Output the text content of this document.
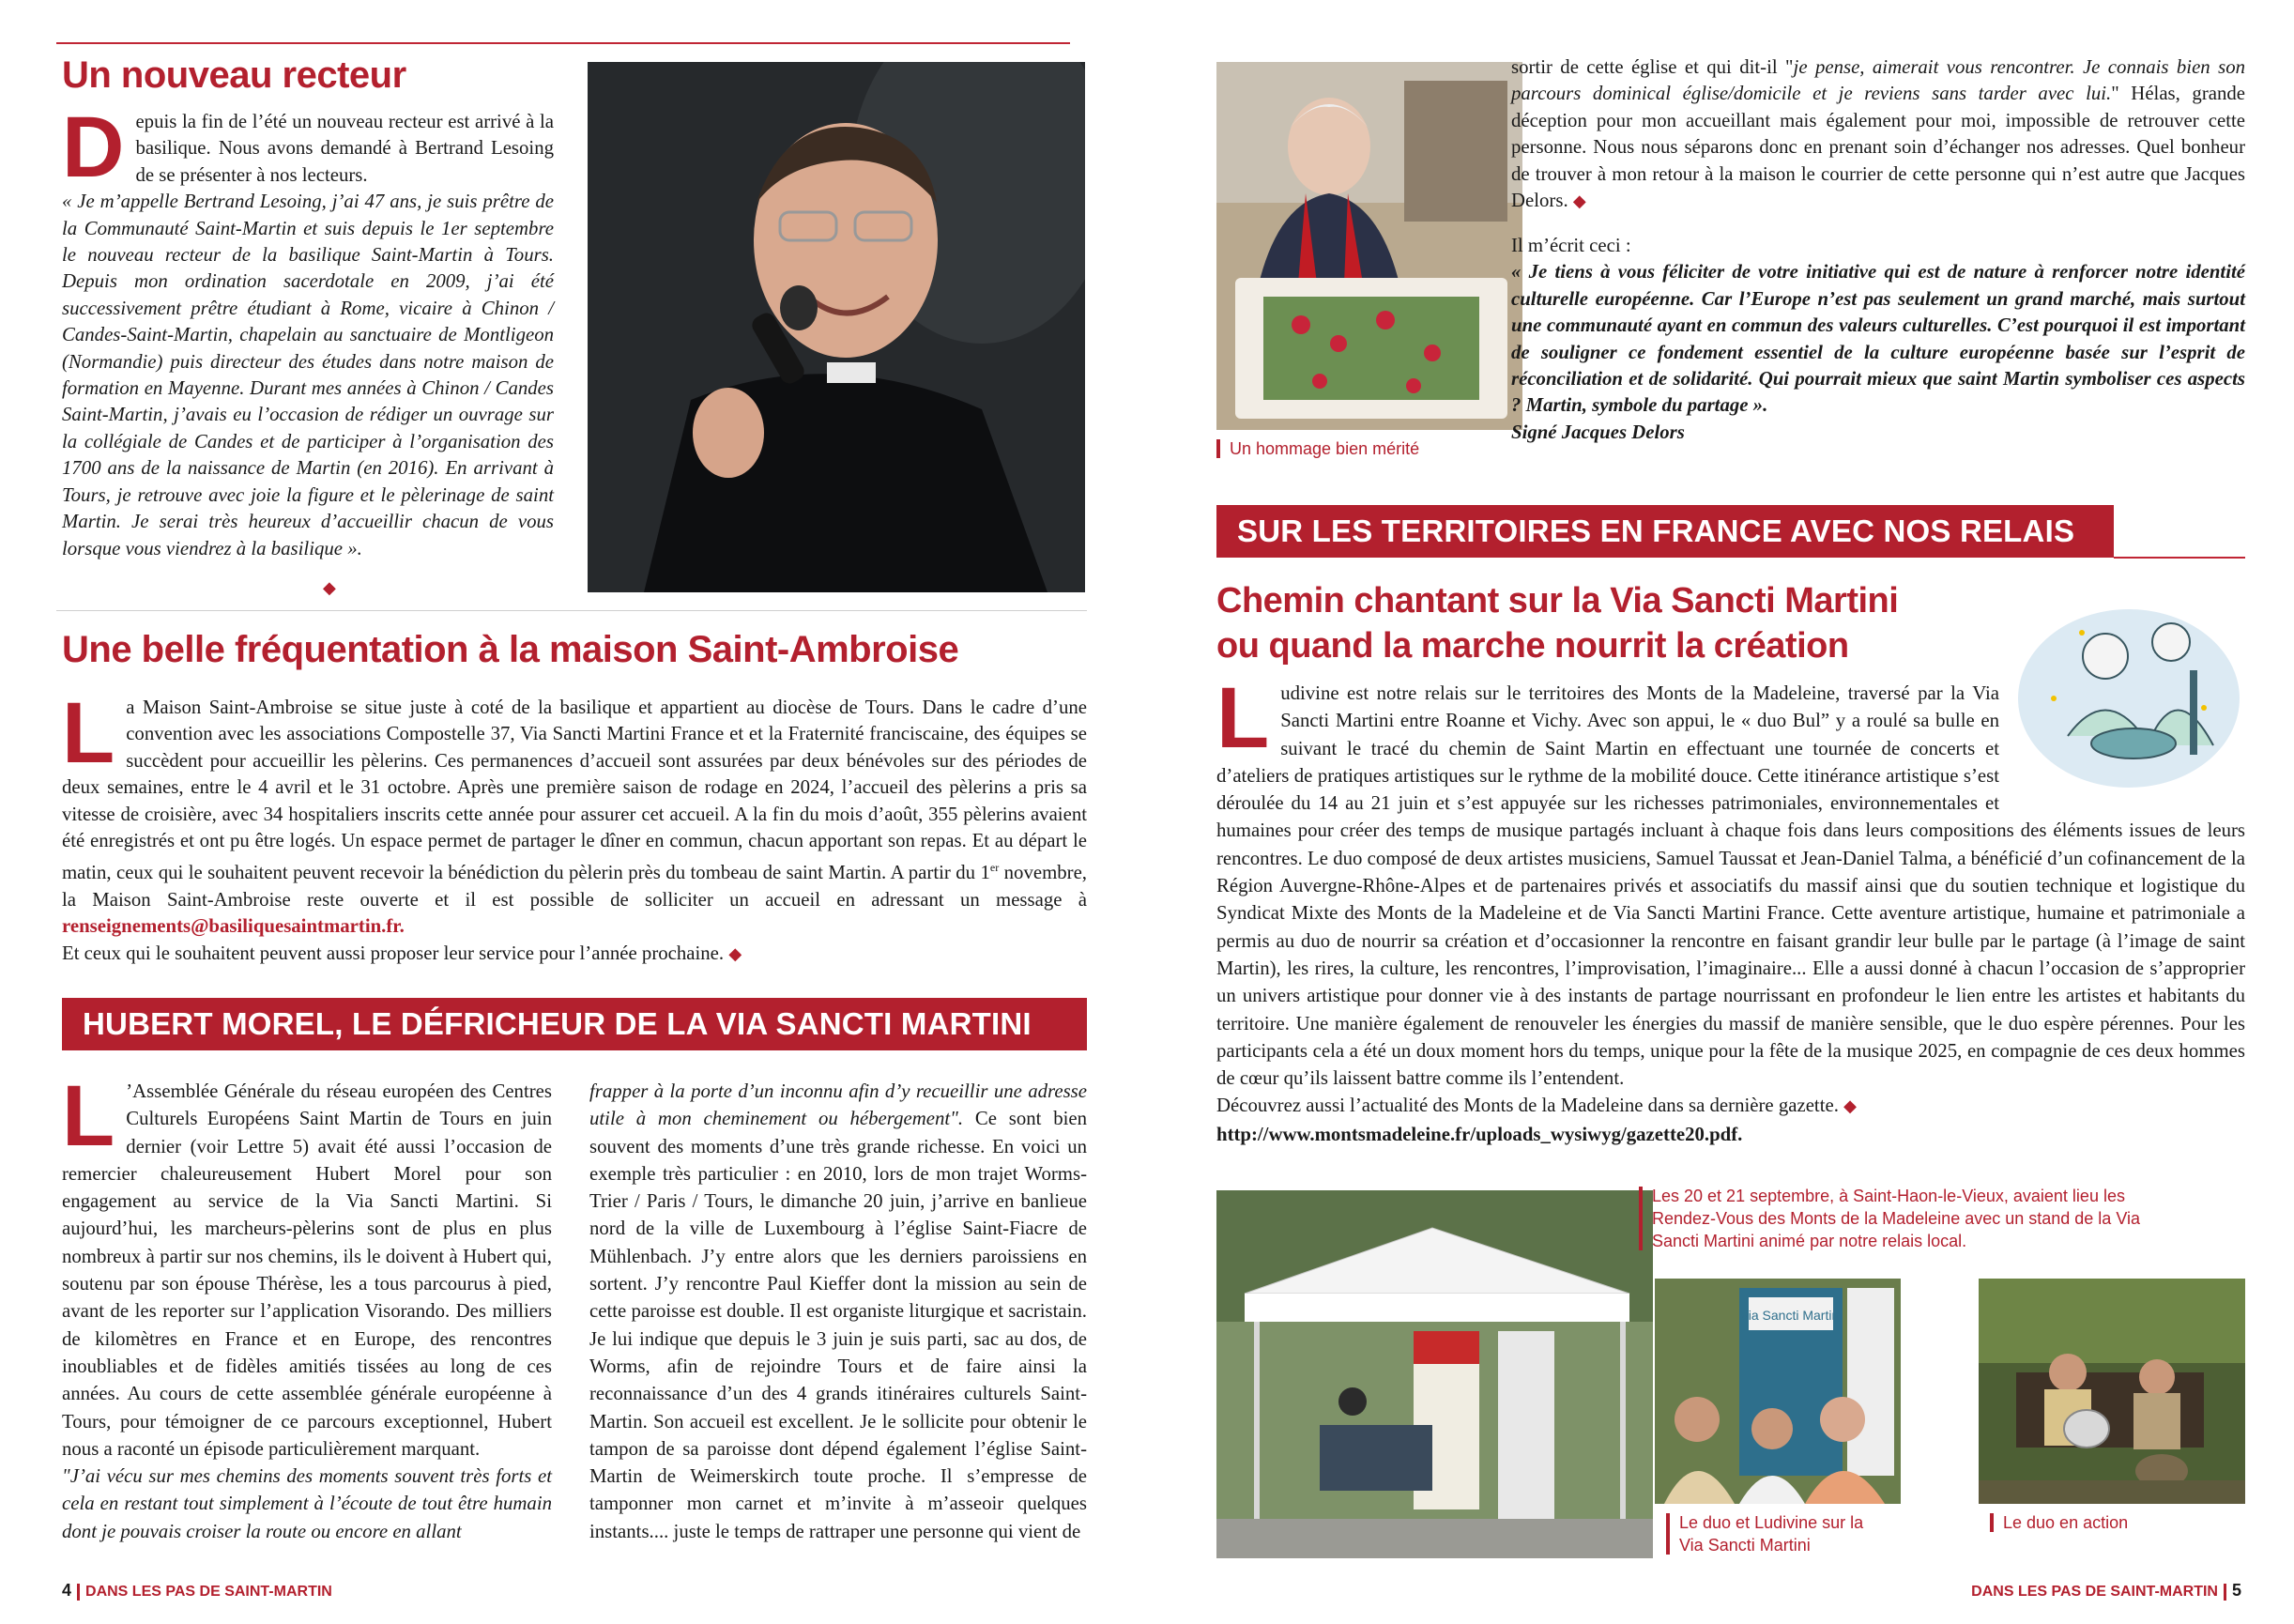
Un nouveau recteur
D epuis la fin de l’été un nouveau recteur est arrivé à la basilique. Nous avons demandé à Bertrand Lesoing de se présenter à nos lecteurs.
« Je m’appelle Bertrand Lesoing, j’ai 47 ans, je suis prêtre de la Communauté Saint-Martin et suis depuis le 1er septembre le nouveau recteur de la basilique Saint-Martin à Tours. Depuis mon ordination sacerdotale en 2009, j’ai été successivement prêtre étudiant à Rome, vicaire à Chinon / Candes-Saint-Martin, chapelain au sanctuaire de Montligeon (Normandie) puis directeur des études dans notre maison de formation en Mayenne. Durant mes années à Chinon / Candes Saint-Martin, j’avais eu l’occasion de rédiger un ouvrage sur la collégiale de Candes et de participer à l’organisation des 1700 ans de la naissance de Martin (en 2016). En arrivant à Tours, je retrouve avec joie la figure et le pèlerinage de saint Martin. Je serai très heureux d’accueillir chacun de vous lorsque vous viendrez à la basilique ».
◆
Une belle fréquentation à la maison Saint-Ambroise
L a Maison Saint-Ambroise se situe juste à coté de la basilique et appartient au diocèse de Tours. Dans le cadre d’une convention avec les associations Compostelle 37, Via Sancti Martini France et et la Fraternité franciscaine, des équipes se succèdent pour accueillir les pèlerins. Ces permanences d’accueil sont assurées par deux bénévoles sur des périodes de deux semaines, entre le 4 avril et le 31 octobre. Après une première saison de rodage en 2024, l’accueil des pèlerins a pris sa vitesse de croisière, avec 34 hospitaliers inscrits cette année pour assurer cet accueil. A la fin du mois d’août, 355 pèlerins avaient été enregistrés et ont pu être logés. Un espace permet de partager le dîner en commun, chacun apportant son repas. Et au départ le matin, ceux qui le souhaitent peuvent recevoir la bénédiction du pèlerin près du tombeau de saint Martin. A partir du 1er novembre, la Maison Saint-Ambroise reste ouverte et il est possible de solliciter un accueil en adressant un message à renseignements@basiliquesaintmartin.fr.
Et ceux qui le souhaitent peuvent aussi proposer leur service pour l’année prochaine. ◆
HUBERT MOREL, LE DÉFRICHEUR DE LA VIA SANCTI MARTINI
L ’Assemblée Générale du réseau européen des Centres Culturels Européens Saint Martin de Tours en juin dernier (voir Lettre 5) avait été aussi l’occasion de remercier chaleureusement Hubert Morel pour son engagement au service de la Via Sancti Martini. Si aujourd’hui, les marcheurs-pèlerins sont de plus en plus nombreux à partir sur nos chemins, ils le doivent à Hubert qui, soutenu par son épouse Thérèse, les a tous parcourus à pied, avant de les reporter sur l’application Visorando. Des milliers de kilomètres en France et en Europe, des rencontres inoubliables et de fidèles amitiés tissées au long de ces années. Au cours de cette assemblée générale européenne à Tours, pour témoigner de ce parcours exceptionnel, Hubert nous a raconté un épisode particulièrement marquant.
"J’ai vécu sur mes chemins des moments souvent très forts et cela en restant tout simplement à l’écoute de tout être humain dont je pouvais croiser la route ou encore en allant
frapper à la porte d’un inconnu afin d’y recueillir une adresse utile à mon cheminement ou hébergement". Ce sont bien souvent des moments d’une très grande richesse. En voici un exemple très particulier : en 2010, lors de mon trajet Worms-Trier / Paris / Tours, le dimanche 20 juin, j’arrive en banlieue nord de la ville de Luxembourg à l’église Saint-Fiacre de Mühlenbach. J’y entre alors que les derniers paroissiens en sortent. J’y rencontre Paul Kieffer dont la mission au sein de cette paroisse est double. Il est organiste liturgique et sacristain. Je lui indique que depuis le 3 juin je suis parti, sac au dos, de Worms, afin de rejoindre Tours et de faire ainsi la reconnaissance d’un des 4 grands itinéraires culturels Saint-Martin. Son accueil est excellent. Je le sollicite pour obtenir le tampon de sa paroisse dont dépend également l’église Saint-Martin de Weimerskirch toute proche. Il s’empresse de tamponner mon carnet et m’invite à m’asseoir quelques instants.... juste le temps de rattraper une personne qui vient de
4 DANS LES PAS DE SAINT-MARTIN
Un hommage bien mérité
sortir de cette église et qui dit-il "je pense, aimerait vous rencontrer. Je connais bien son parcours dominical église/domicile et je reviens sans tarder avec lui." Hélas, grande déception pour mon accueillant mais également pour moi, impossible de retrouver cette personne. Nous nous séparons donc en prenant soin d’échanger nos adresses. Quel bonheur de trouver à mon retour à la maison le courrier de cette personne qui n’est autre que Jacques Delors. ◆
Il m’écrit ceci :
« Je tiens à vous féliciter de votre initiative qui est de nature à renforcer notre identité culturelle européenne. Car l’Europe n’est pas seulement un grand marché, mais surtout une communauté ayant en commun des valeurs culturelles. C’est pourquoi il est important de souligner ce fondement essentiel de la culture européenne basée sur l’esprit de réconciliation et de solidarité. Qui pourrait mieux que saint Martin symboliser ces aspects ? Martin, symbole du partage ».
Signé Jacques Delors
SUR LES TERRITOIRES EN FRANCE AVEC NOS RELAIS
Chemin chantant sur la Via Sancti Martini
ou quand la marche nourrit la création
L udivine est notre relais sur le territoires des Monts de la Madeleine, traversé par la Via Sancti Martini entre Roanne et Vichy. Avec son appui, le « duo Bul” y a roulé sa bulle en suivant le tracé du chemin de Saint Martin en effectuant une tournée de concerts et d’ateliers de pratiques artistiques sur le rythme de la mobilité douce. Cette itinérance artistique s’est déroulée du 14 au 21 juin et s’est appuyée sur les richesses patrimoniales, environnementales et humaines pour créer des temps de musique partagés incluant à chaque fois dans leurs compositions des éléments issues de leurs rencontres. Le duo composé de deux artistes musiciens, Samuel Taussat et Jean-Daniel Talma, a bénéficié d’un cofinancement de la Région Auvergne-Rhône-Alpes et de partenaires privés et associatifs du massif ainsi que du soutien technique et logistique du Syndicat Mixte des Monts de la Madeleine et de Via Sancti Martini France. Cette aventure artistique, humaine et patrimoniale a permis au duo de nourrir sa création et d’occasionner la rencontre en faisant grandir leur bulle par le partage (à l’image de saint Martin), les rires, la culture, les rencontres, l’improvisation, l’imaginaire... Elle a aussi donné à chacun l’occasion de s’approprier un univers artistique pour donner vie à des instants de partage nourrissant en profondeur le lien entre les artistes et habitants du territoire. Une manière également de renouveler les énergies du massif de manière sensible, que le duo espère pérennes. Pour les participants cela a été un doux moment hors du temps, unique pour la fête de la musique 2025, en compagnie de ces deux hommes de cœur qu’ils laissent battre comme ils l’entendent.
Découvrez aussi l’actualité des Monts de la Madeleine dans sa dernière gazette. ◆
http://www.montsmadeleine.fr/uploads_wysiwyg/gazette20.pdf.
Les 20 et 21 septembre, à Saint-Haon-le-Vieux, avaient lieu les Rendez-Vous des Monts de la Madeleine avec un stand de la Via Sancti Martini animé par notre relais local.
Via Sancti Martini
Le duo et Ludivine sur la Via Sancti Martini
Le duo en action
DANS LES PAS DE SAINT-MARTIN 5
